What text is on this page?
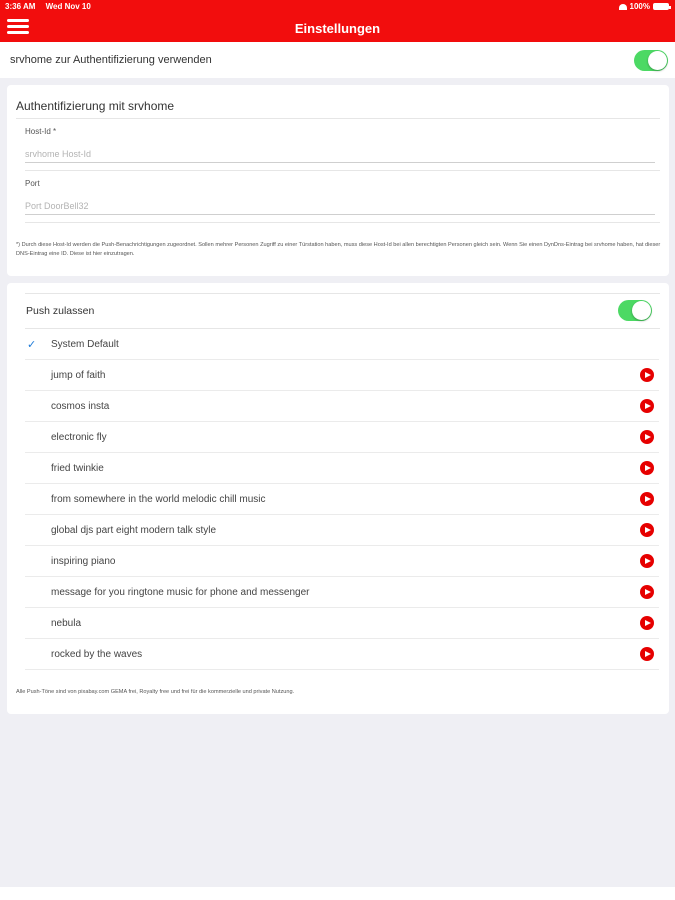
3:36 AM Wed Nov 10	100%
Einstellungen
srvhome zur Authentifizierung verwenden
Authentifizierung mit srvhome
Host-Id *
srvhome Host-Id
Port
Port DoorBell32
*) Durch diese Host-Id werden die Push-Benachrichtigungen zugeordnet. Sollen mehrer Personen Zugriff zu einer Türstation haben, muss diese Host-Id bei allen berechtigten Personen gleich sein. Wenn Sie einen DynDns-Eintrag bei srvhome haben, hat dieser DNS-Eintrag eine ID. Diese ist hier einzutragen.
Push zulassen
✓ System Default
jump of faith
cosmos insta
electronic fly
fried twinkie
from somewhere in the world melodic chill music
global djs part eight modern talk style
inspiring piano
message for you ringtone music for phone and messenger
nebula
rocked by the waves
Alle Push-Töne sind von pixabay.com GEMA frei, Royalty free und frei für die kommerzielle und private Nutzung.
